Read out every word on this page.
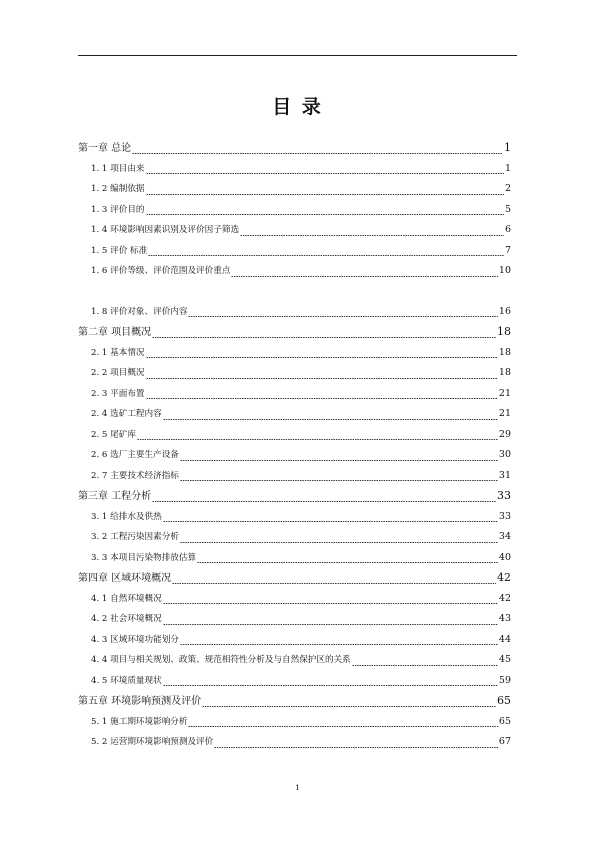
目 录
第一章 总论	1
1. 1 项目由来	1
1. 2 编制依据	2
1. 3 评价目的	5
1. 4 环境影响因素识别及评价因子筛选	6
1. 5 评价 标准	7
1. 6 评价等级、评价范围及评价重点	10
1. 8 评价对象、评价内容	16
第二章 项目概况	18
2. 1 基本情况	18
2. 2 项目概况	18
2. 3 平面布置	21
2. 4 选矿工程内容	21
2. 5 尾矿库	29
2. 6 选厂主要生产设备	30
2. 7 主要技术经济指标	31
第三章 工程分析	33
3. 1 给排水及供热	33
3. 2 工程污染因素分析	34
3. 3 本项目污染物排放估算	40
第四章 区域环境概况	42
4. 1 自然环境概况	42
4. 2 社会环境概况	43
4. 3 区域环境功能划分	44
4. 4 项目与相关规划、政策、规范相符性分析及与自然保护区的关系	45
4. 5 环境质量现状	59
第五章 环境影响预测及评价	65
5. 1 施工期环境影响分析	65
5. 2 运营期环境影响预测及评价	67
1
